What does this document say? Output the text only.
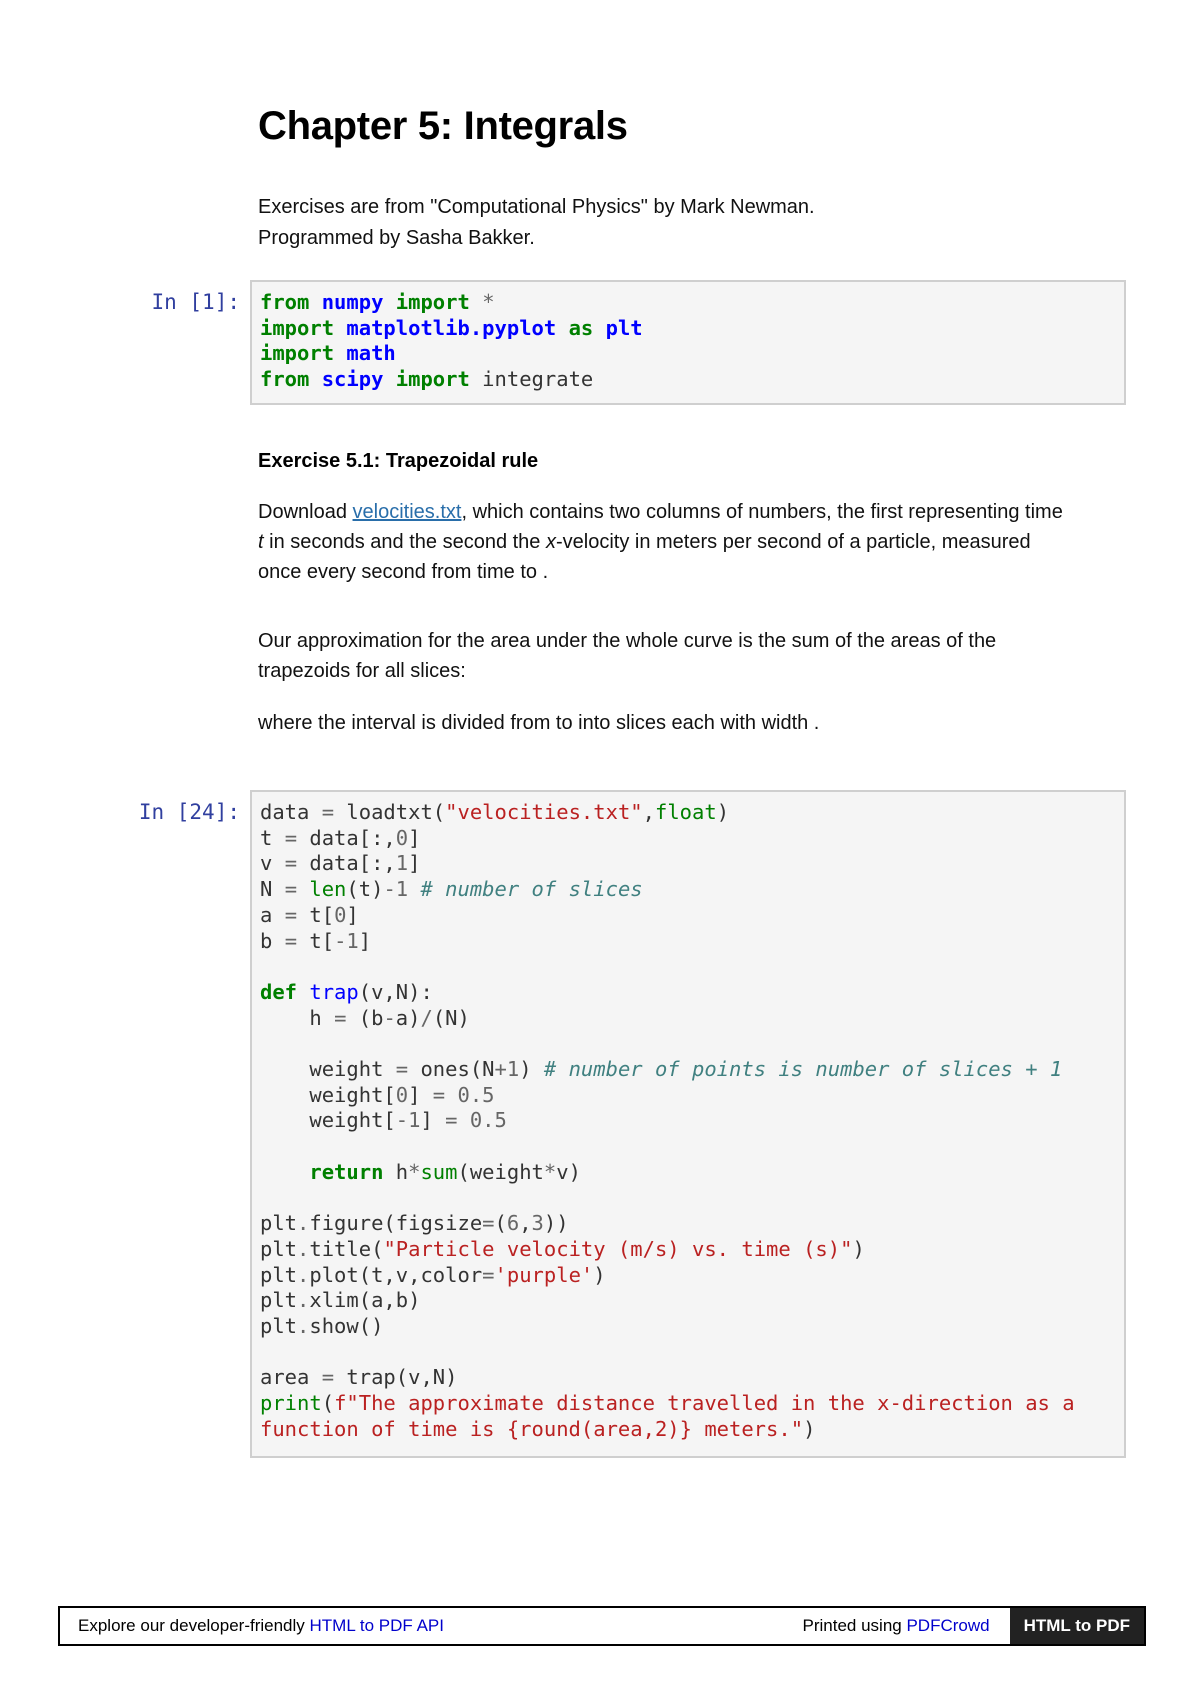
Chapter 5: Integrals
Exercises are from "Computational Physics" by Mark Newman.
Programmed by Sasha Bakker.
In [1]: from numpy import *
import matplotlib.pyplot as plt
import math
from scipy import integrate
Exercise 5.1: Trapezoidal rule
Download velocities.txt, which contains two columns of numbers, the first representing time
t in seconds and the second the x-velocity in meters per second of a particle, measured
once every second from time to .
Our approximation for the area under the whole curve is the sum of the areas of the
trapezoids for all slices:
where the interval is divided from to into slices each with width .
In [24]: data = loadtxt("velocities.txt",float)
t = data[:,0]
v = data[:,1]
N = len(t)-1 # number of slices
a = t[0]
b = t[-1]

def trap(v,N):
h = (b-a)/(N)

weight = ones(N+1) # number of points is number of slices + 1
weight[0] = 0.5
weight[-1] = 0.5

return h*sum(weight*v)

plt.figure(figsize=(6,3))
plt.title("Particle velocity (m/s) vs. time (s)")
plt.plot(t,v,color='purple')
plt.xlim(a,b)
plt.show()

area = trap(v,N)
print(f"The approximate distance travelled in the x-direction as a
function of time is {round(area,2)} meters.")
Explore our developer-friendly HTML to PDF API	Printed using PDFCrowd	HTML to PDF
